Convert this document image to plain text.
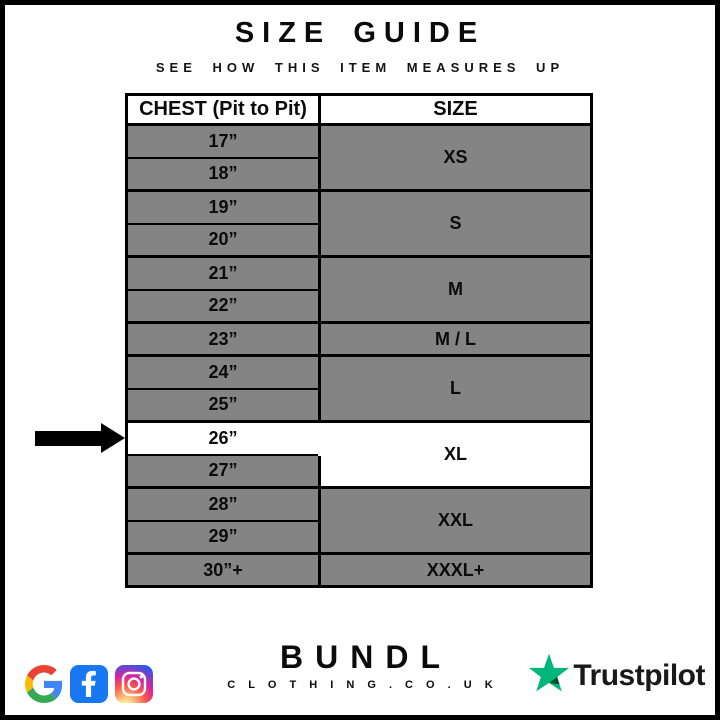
SIZE GUIDE
SEE HOW THIS ITEM MEASURES UP
CHEST (Pit to Pit)	SIZE
17”	XS
18”	
19”	S
20”	
21”	M
22”	
23”	M / L
24”	L
25”	
26”	XL
27”	
28”	XXL
29”	
30”+	XXXL+
BUNDL
C L O T H I N G . C O . U K	Trustpilot
